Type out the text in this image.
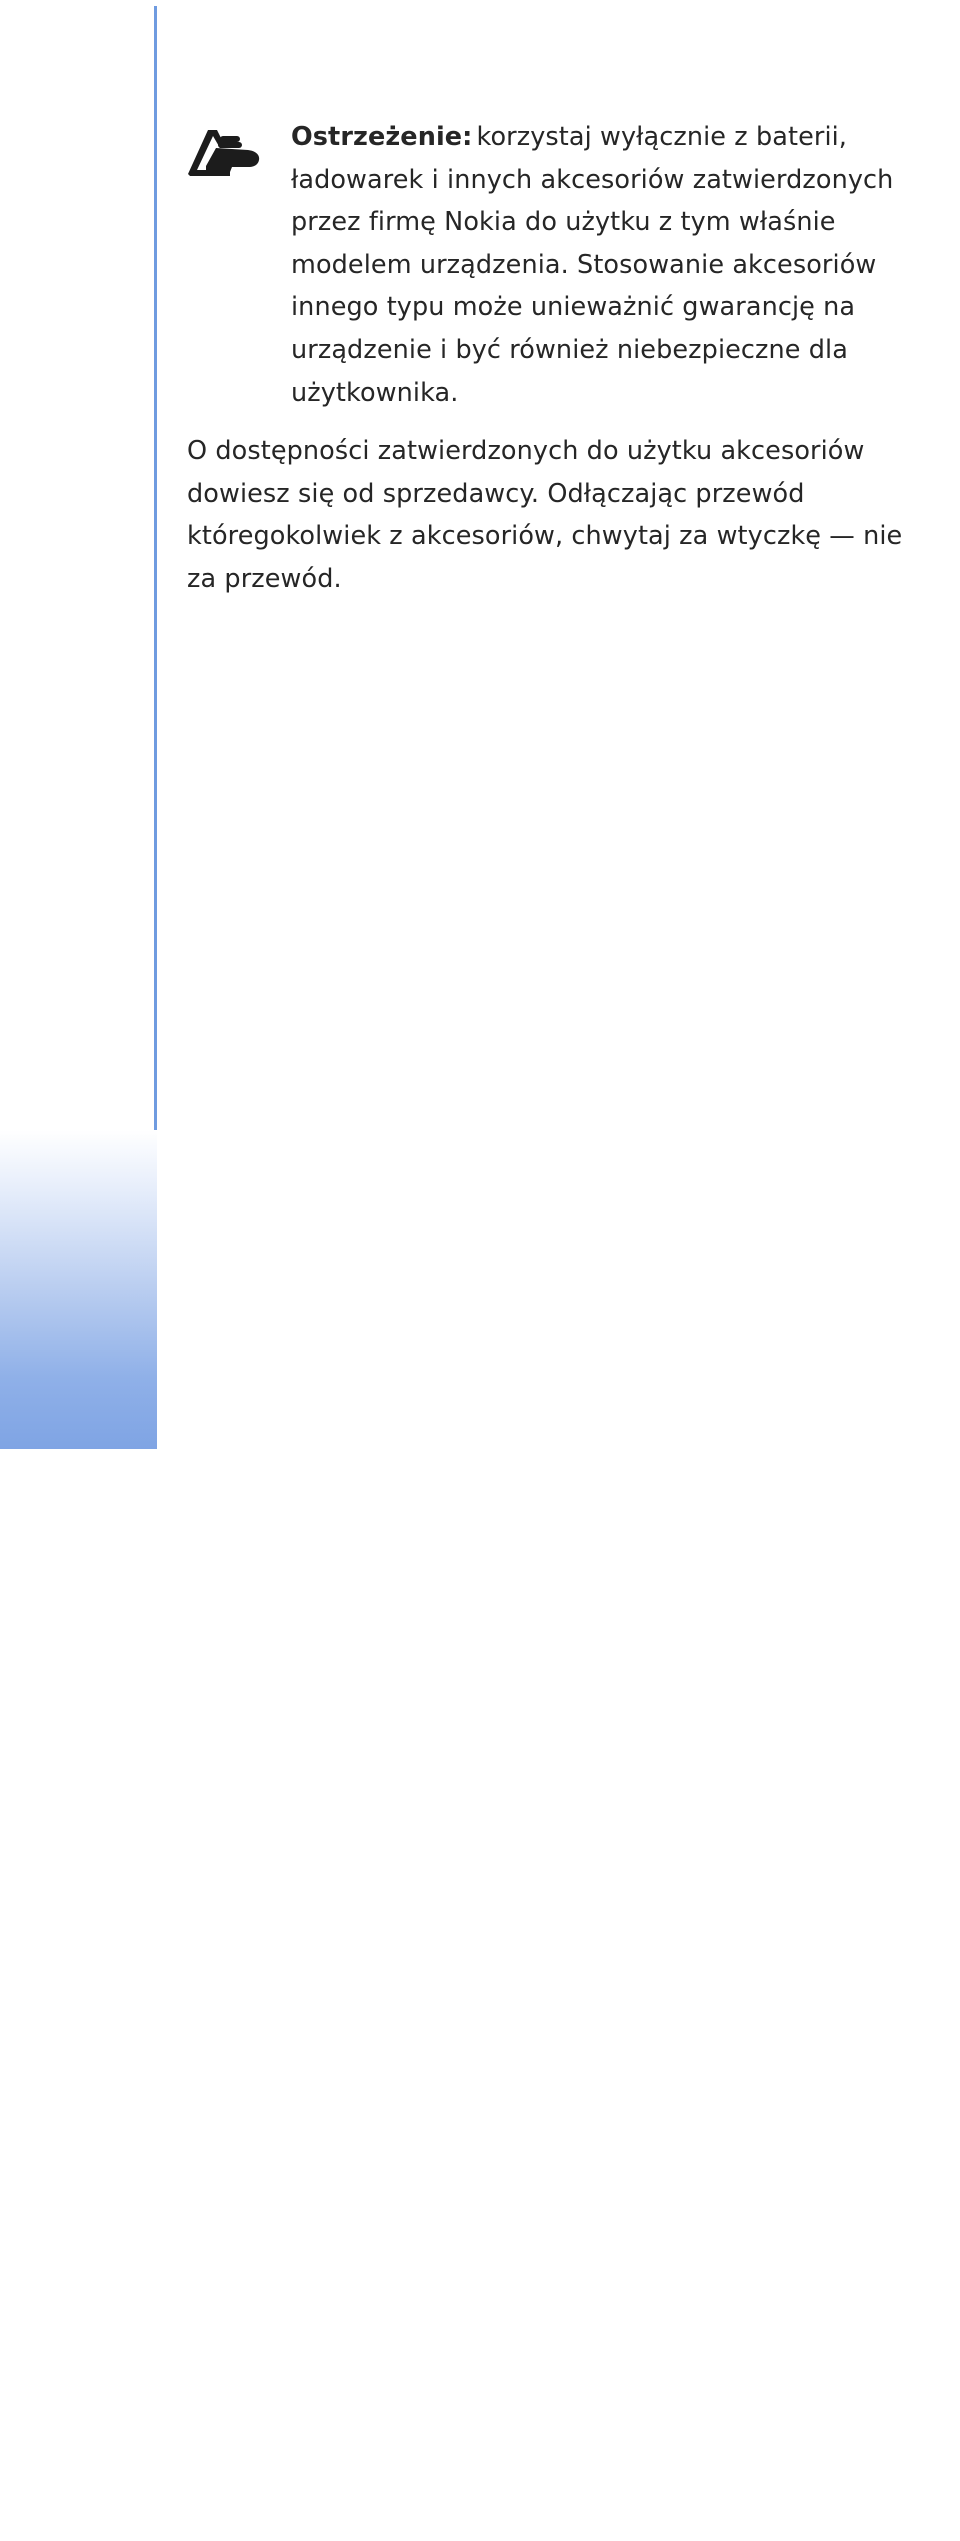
10
Ostrzeżenie: korzystaj wyłącznie z baterii,
ładowarek i innych akcesoriów zatwierdzonych
przez firmę Nokia do użytku z tym właśnie
modelem urządzenia. Stosowanie akcesoriów
innego typu może unieważnić gwarancję na
urządzenie i być również niebezpieczne dla
użytkownika.

O dostępności zatwierdzonych do użytku akcesoriów
dowiesz się od sprzedawcy. Odłączając przewód
któregokolwiek z akcesoriów, chwytaj za wtyczkę — nie
za przewód.
